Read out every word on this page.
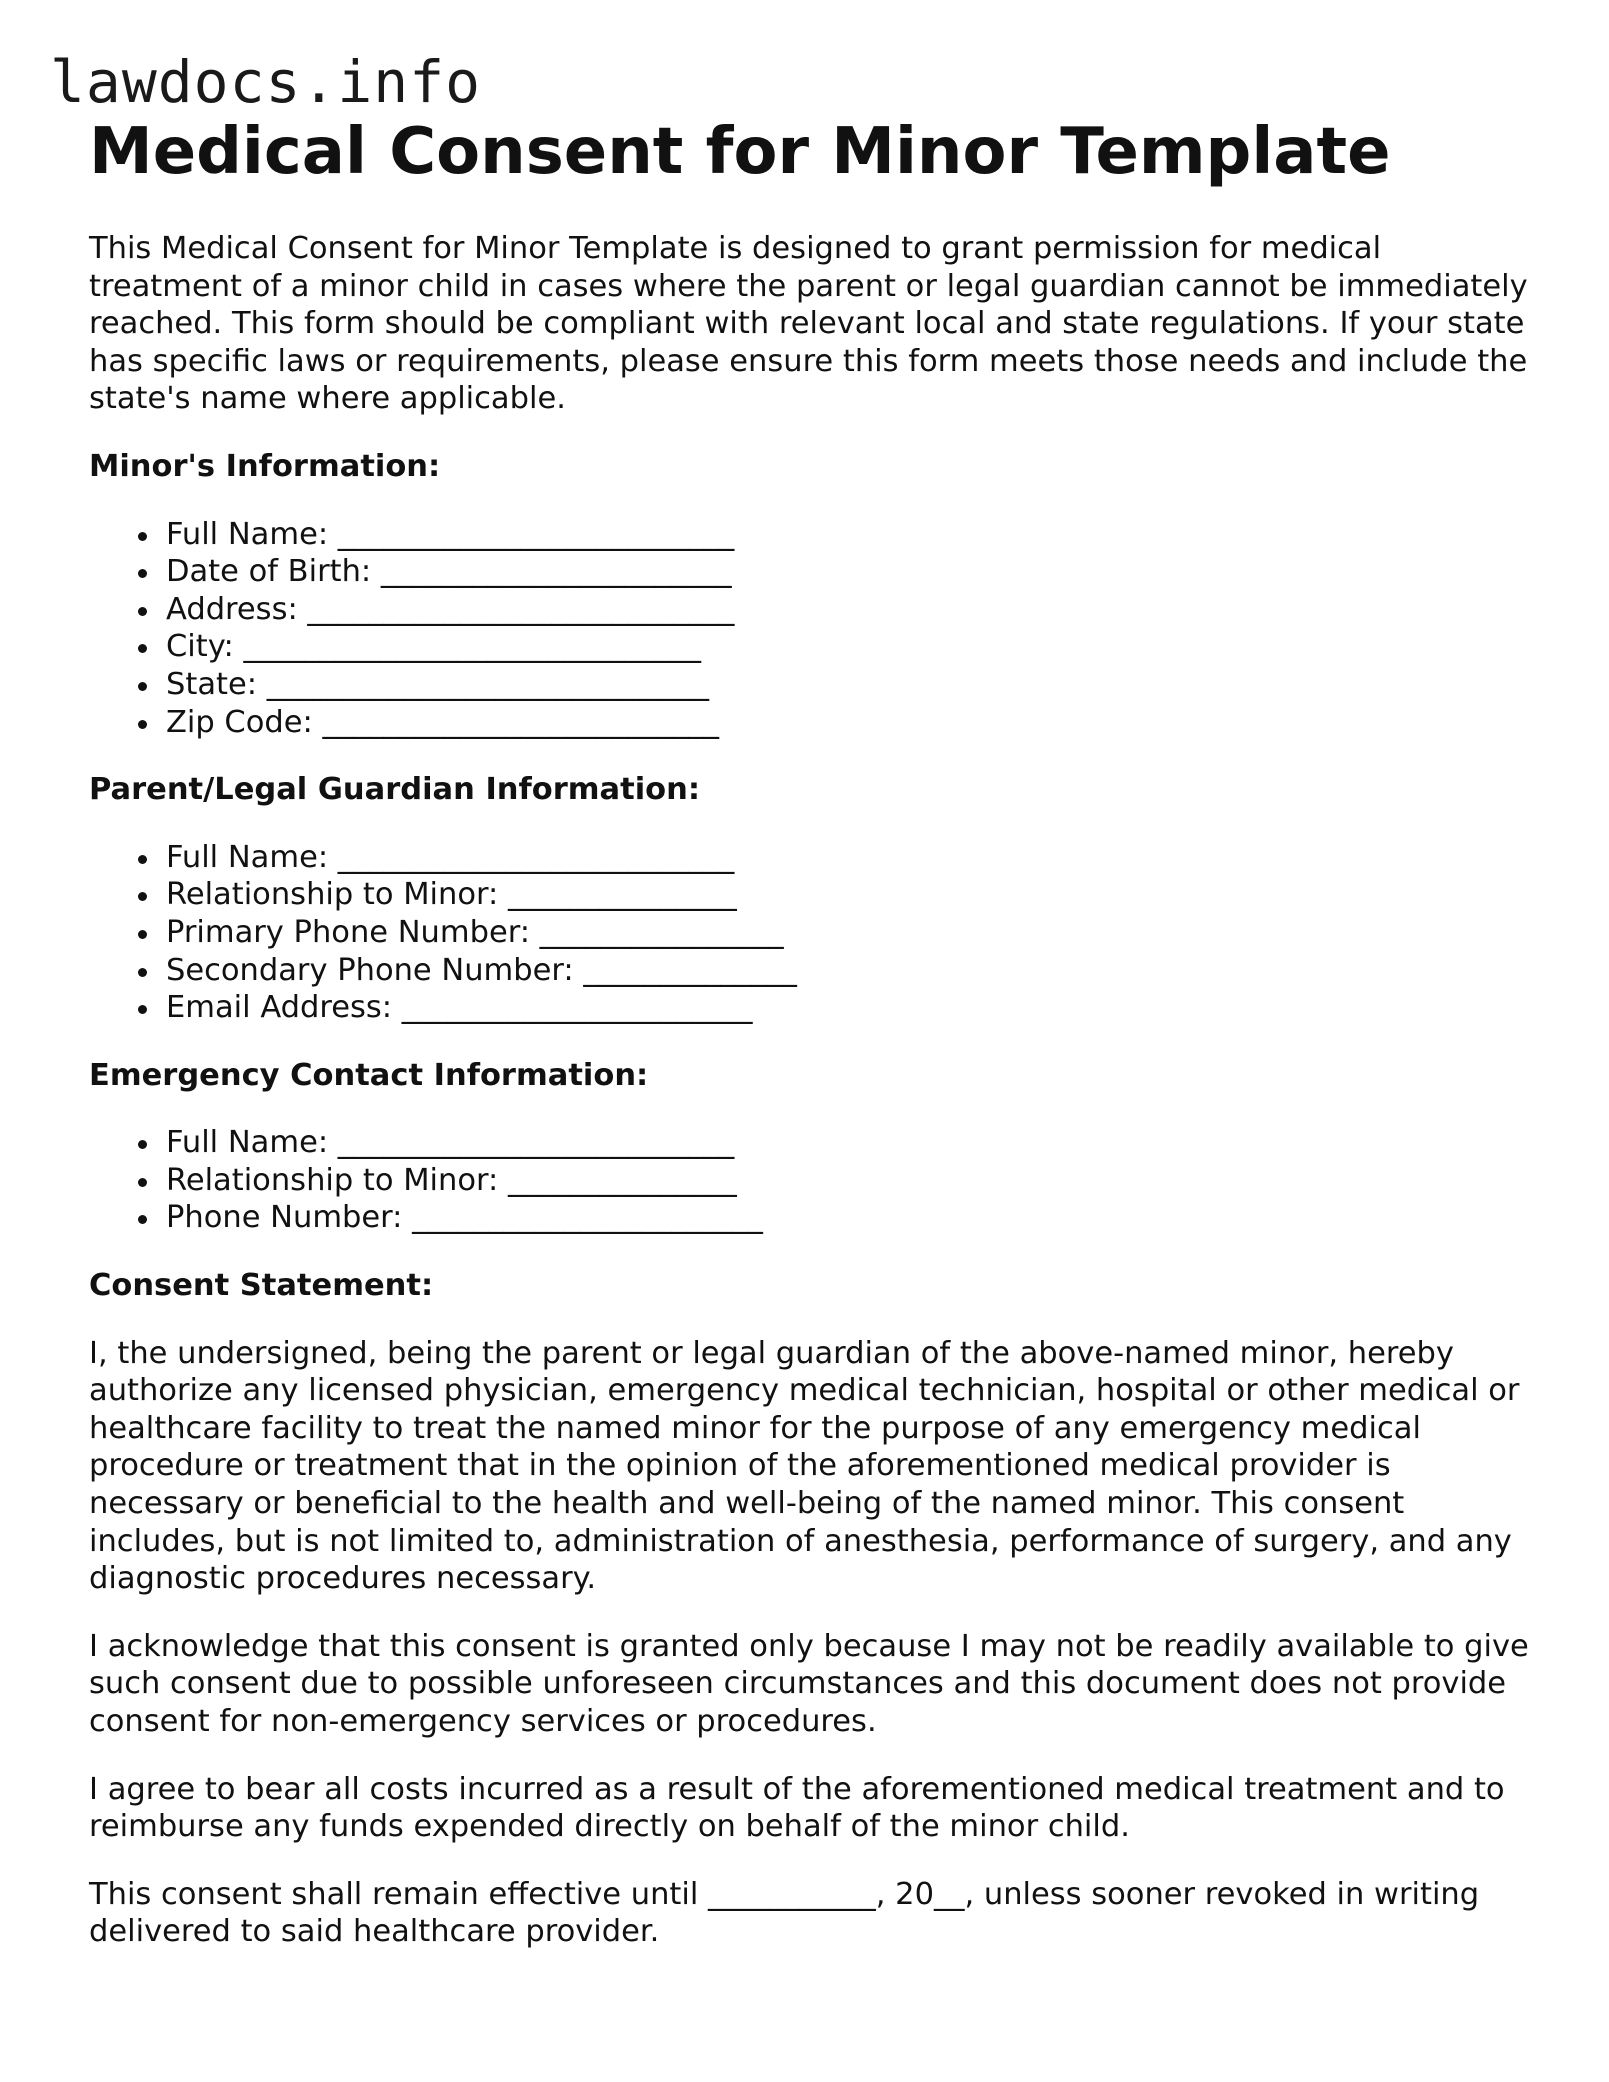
lawdocs.info
Medical Consent for Minor Template

This Medical Consent for Minor Template is designed to grant permission for medical treatment of a minor child in cases where the parent or legal guardian cannot be immediately reached. This form should be compliant with relevant local and state regulations. If your state has specific laws or requirements, please ensure this form meets those needs and include the state's name where applicable.

Minor's Information:
Full Name: __________________________
Date of Birth: _______________________
Address: ____________________________
City: ______________________________
State: _____________________________
Zip Code: __________________________
Parent/Legal Guardian Information:
Full Name: __________________________
Relationship to Minor: _______________
Primary Phone Number: ________________
Secondary Phone Number: ______________
Email Address: _______________________
Emergency Contact Information:
Full Name: __________________________
Relationship to Minor: _______________
Phone Number: _______________________
Consent Statement:

I, the undersigned, being the parent or legal guardian of the above-named minor, hereby authorize any licensed physician, emergency medical technician, hospital or other medical or healthcare facility to treat the named minor for the purpose of any emergency medical procedure or treatment that in the opinion of the aforementioned medical provider is necessary or beneficial to the health and well-being of the named minor. This consent includes, but is not limited to, administration of anesthesia, performance of surgery, and any diagnostic procedures necessary.

I acknowledge that this consent is granted only because I may not be readily available to give such consent due to possible unforeseen circumstances and this document does not provide consent for non-emergency services or procedures.

I agree to bear all costs incurred as a result of the aforementioned medical treatment and to reimburse any funds expended directly on behalf of the minor child.

This consent shall remain effective until ___________, 20__, unless sooner revoked in writing delivered to said healthcare provider.
